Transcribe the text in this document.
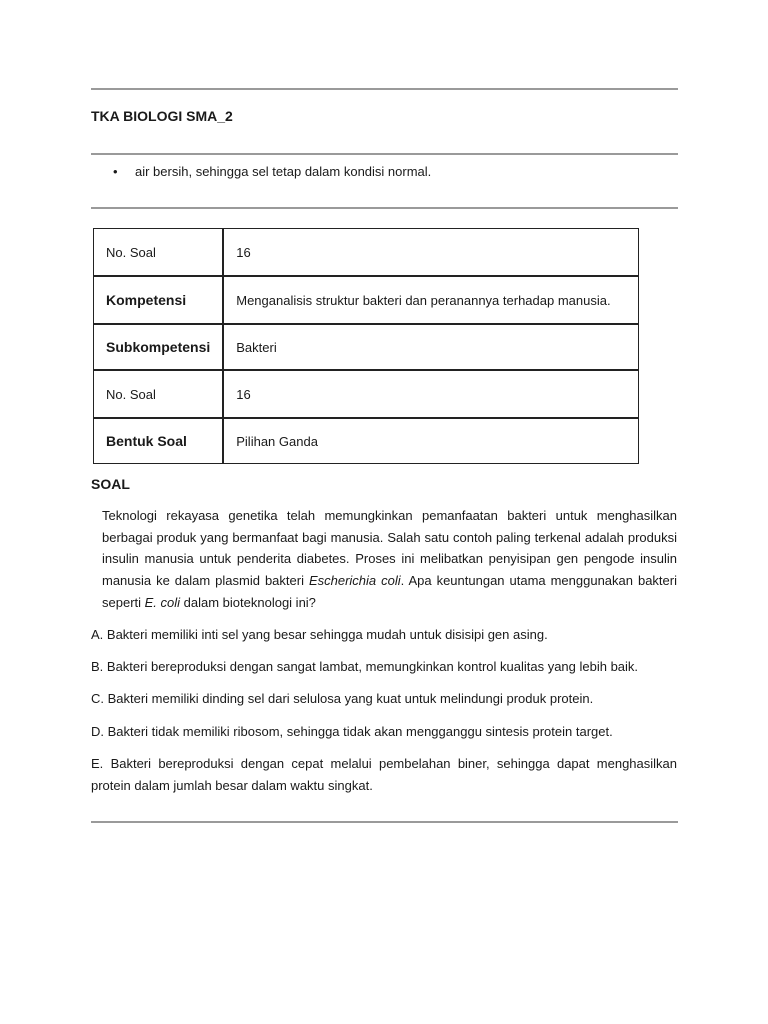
TKA BIOLOGI SMA_2
• air bersih, sehingga sel tetap dalam kondisi normal.
No. Soal	16
Kompetensi	Menganalisis struktur bakteri dan peranannya terhadap manusia.
Subkompetensi	Bakteri
No. Soal	16
Bentuk Soal	Pilihan Ganda
SOAL

Teknologi rekayasa genetika telah memungkinkan pemanfaatan bakteri untuk menghasilkan berbagai produk yang bermanfaat bagi manusia. Salah satu contoh paling terkenal adalah produksi insulin manusia untuk penderita diabetes. Proses ini melibatkan penyisipan gen pengode insulin manusia ke dalam plasmid bakteri Escherichia coli. Apa keuntungan utama menggunakan bakteri seperti E. coli dalam bioteknologi ini?

A. Bakteri memiliki inti sel yang besar sehingga mudah untuk disisipi gen asing.

B. Bakteri bereproduksi dengan sangat lambat, memungkinkan kontrol kualitas yang lebih baik.

C. Bakteri memiliki dinding sel dari selulosa yang kuat untuk melindungi produk protein.

D. Bakteri tidak memiliki ribosom, sehingga tidak akan mengganggu sintesis protein target.

E. Bakteri bereproduksi dengan cepat melalui pembelahan biner, sehingga dapat menghasilkan protein dalam jumlah besar dalam waktu singkat.
